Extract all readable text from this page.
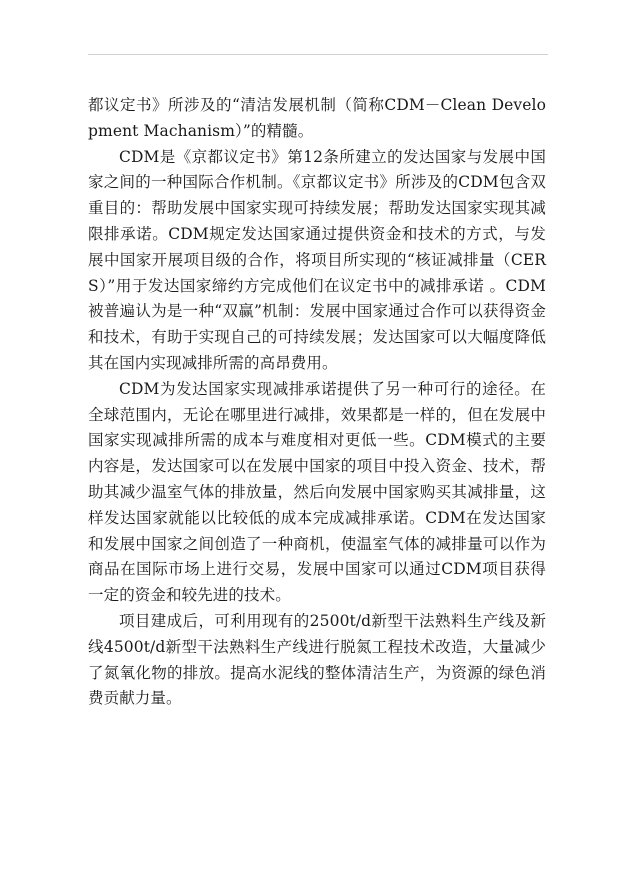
都议定书》所涉及的“清洁发展机制（简称CDM－Clean Development Machanism）”的精髓。

CDM是《京都议定书》第12条所建立的发达国家与发展中国家之间的一种国际合作机制。《京都议定书》所涉及的CDM包含双重目的：帮助发展中国家实现可持续发展；帮助发达国家实现其减限排承诺。CDM规定发达国家通过提供资金和技术的方式，与发展中国家开展项目级的合作，将项目所实现的“核证减排量（CERS）”用于发达国家缔约方完成他们在议定书中的减排承诺 。CDM被普遍认为是一种“双赢”机制：发展中国家通过合作可以获得资金和技术，有助于实现自己的可持续发展；发达国家可以大幅度降低其在国内实现减排所需的高昂费用。

CDM为发达国家实现减排承诺提供了另一种可行的途径。在全球范围内，无论在哪里进行减排，效果都是一样的，但在发展中国家实现减排所需的成本与难度相对更低一些。CDM模式的主要内容是，发达国家可以在发展中国家的项目中投入资金、技术，帮助其减少温室气体的排放量，然后向发展中国家购买其减排量，这样发达国家就能以比较低的成本完成减排承诺。CDM在发达国家和发展中国家之间创造了一种商机，使温室气体的减排量可以作为商品在国际市场上进行交易，发展中国家可以通过CDM项目获得一定的资金和较先进的技术。

项目建成后，可利用现有的2500t/d新型干法熟料生产线及新线4500t/d新型干法熟料生产线进行脱氮工程技术改造，大量减少了氮氧化物的排放。提高水泥线的整体清洁生产，为资源的绿色消费贡献力量。
